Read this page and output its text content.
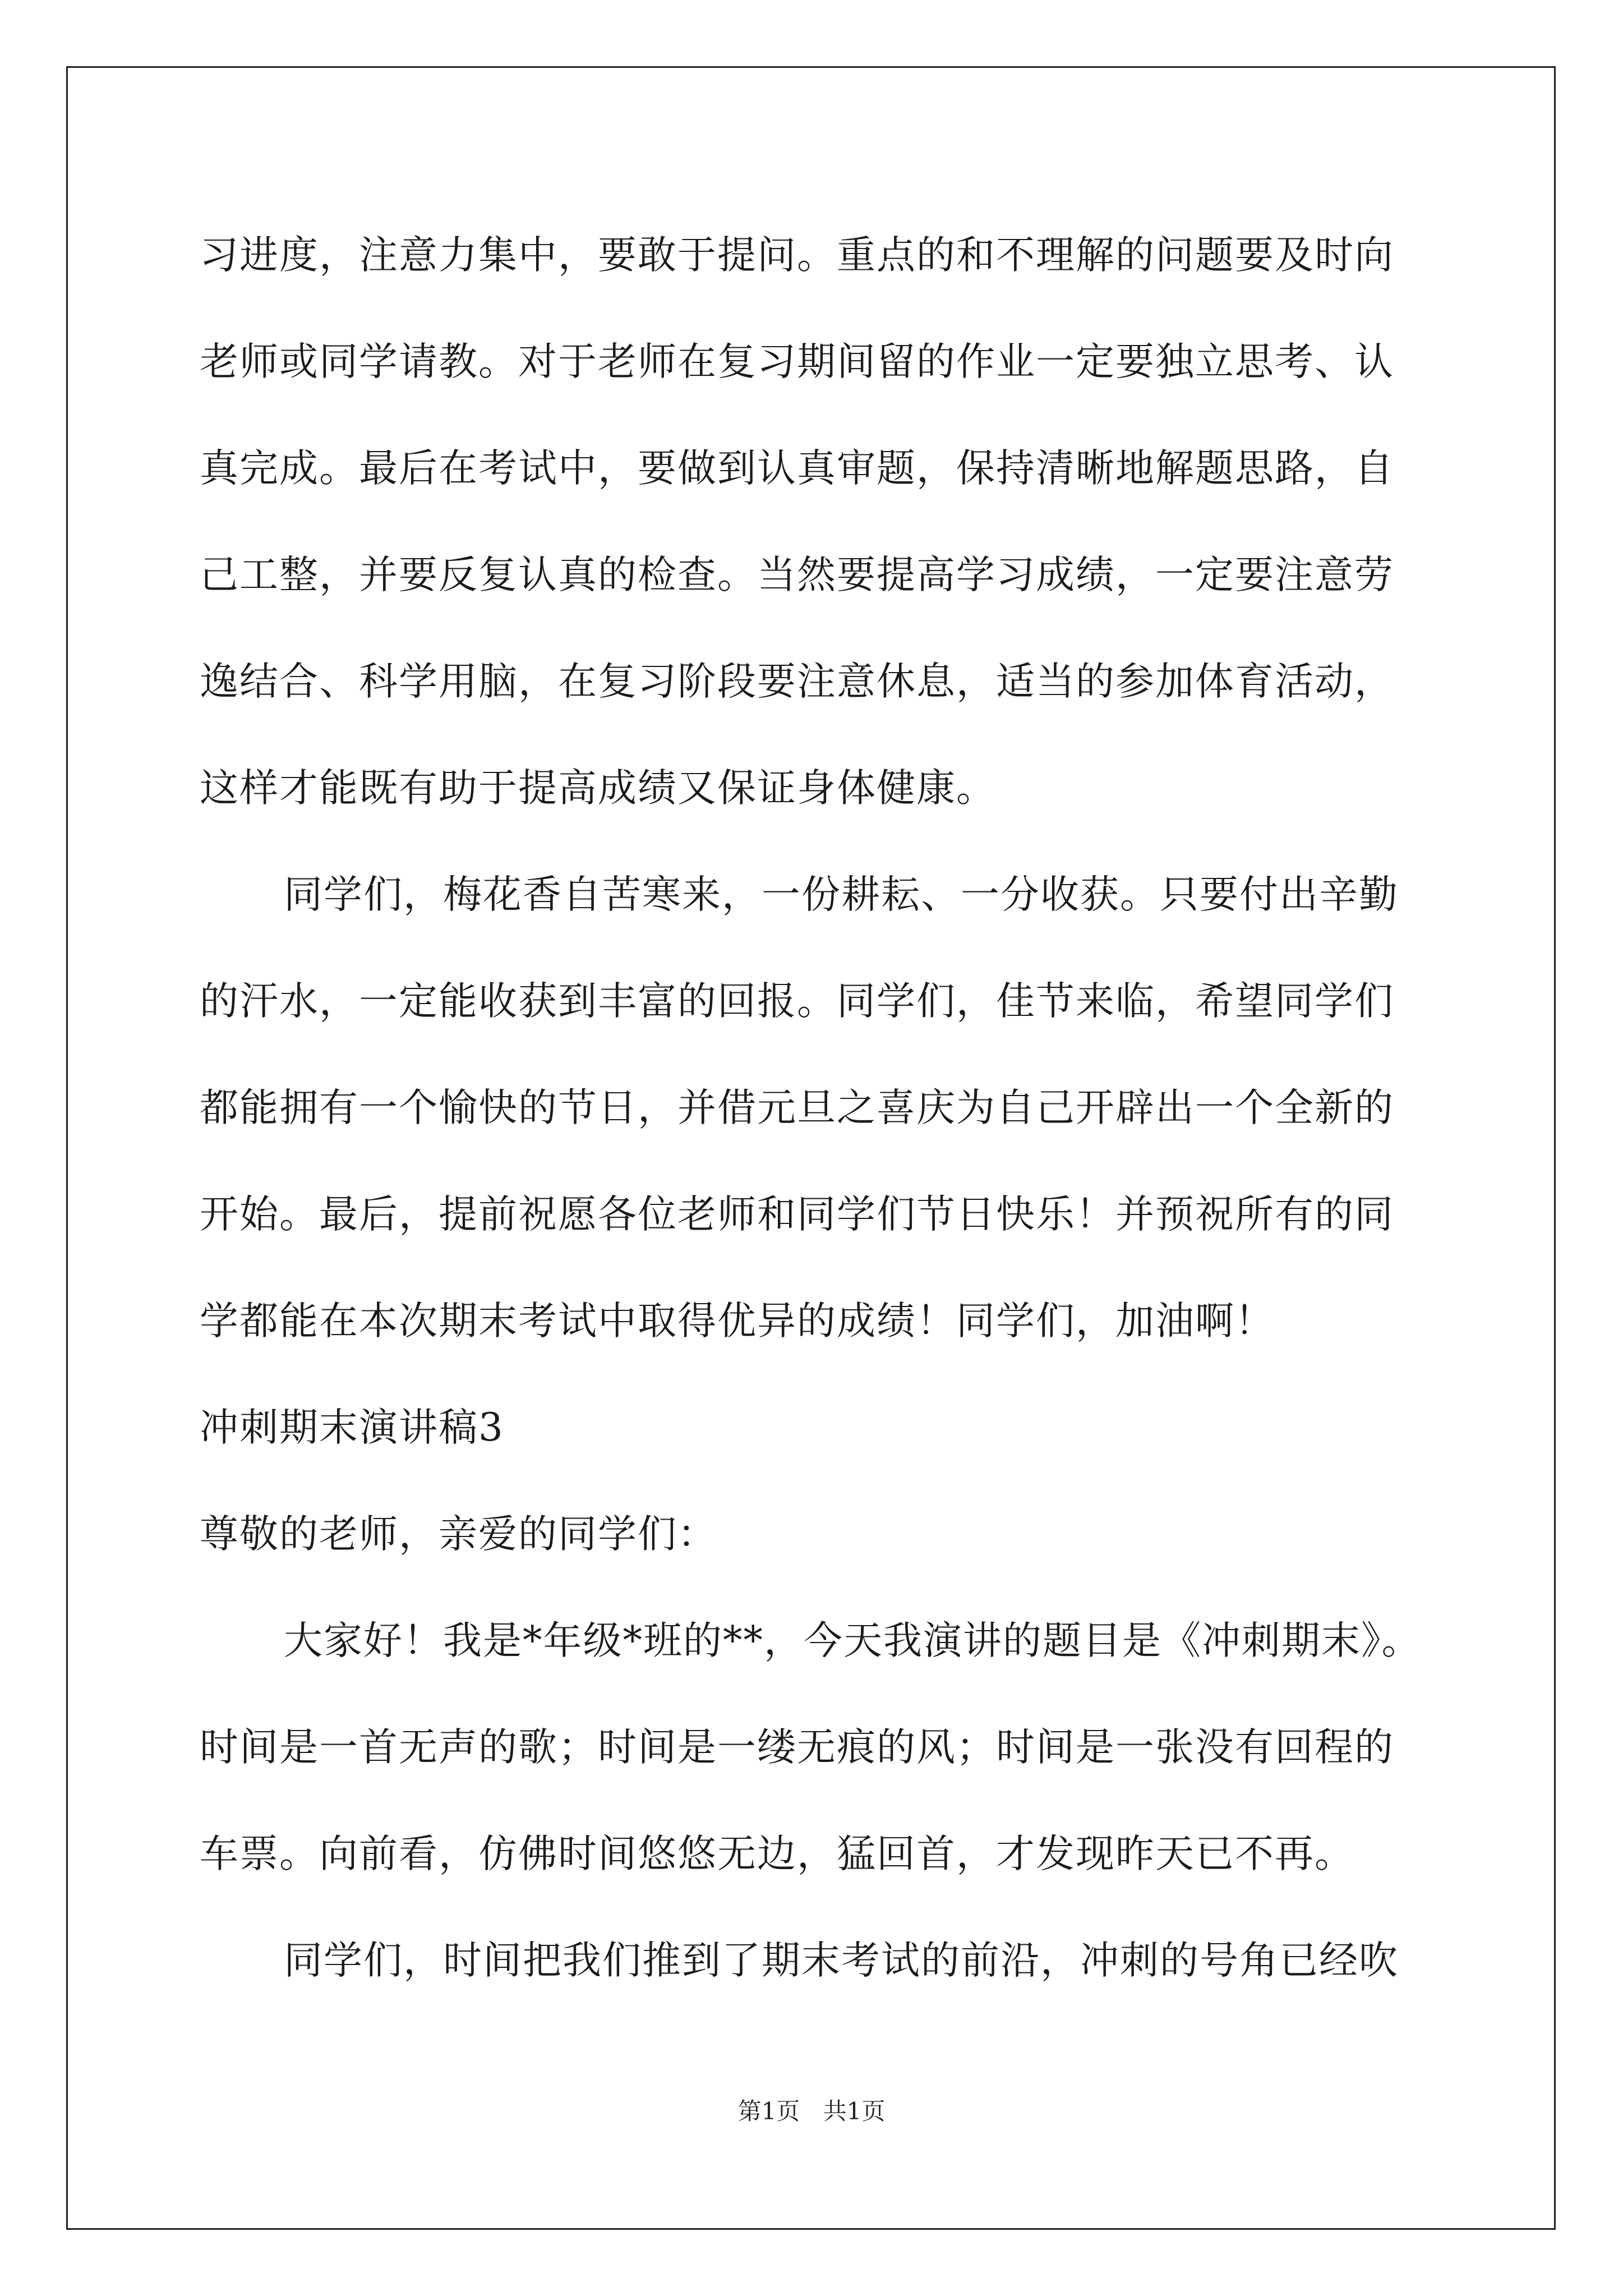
习进度，注意力集中，要敢于提问。重点的和不理解的问题要及时向
老师或同学请教。对于老师在复习期间留的作业一定要独立思考、认
真完成。最后在考试中，要做到认真审题，保持清晰地解题思路，自
己工整，并要反复认真的检查。当然要提高学习成绩，一定要注意劳
逸结合、科学用脑，在复习阶段要注意休息，适当的参加体育活动，
这样才能既有助于提高成绩又保证身体健康。
同学们，梅花香自苦寒来，一份耕耘、一分收获。只要付出辛勤
的汗水，一定能收获到丰富的回报。同学们，佳节来临，希望同学们
都能拥有一个愉快的节日，并借元旦之喜庆为自己开辟出一个全新的
开始。最后，提前祝愿各位老师和同学们节日快乐！并预祝所有的同
学都能在本次期末考试中取得优异的成绩！同学们，加油啊！
冲刺期末演讲稿3
尊敬的老师，亲爱的同学们：
大家好！我是*年级*班的**，今天我演讲的题目是《冲刺期末》。
时间是一首无声的歌；时间是一缕无痕的风；时间是一张没有回程的
车票。向前看，仿佛时间悠悠无边，猛回首，才发现昨天已不再。
同学们，时间把我们推到了期末考试的前沿，冲刺的号角已经吹
第1页 共1页
